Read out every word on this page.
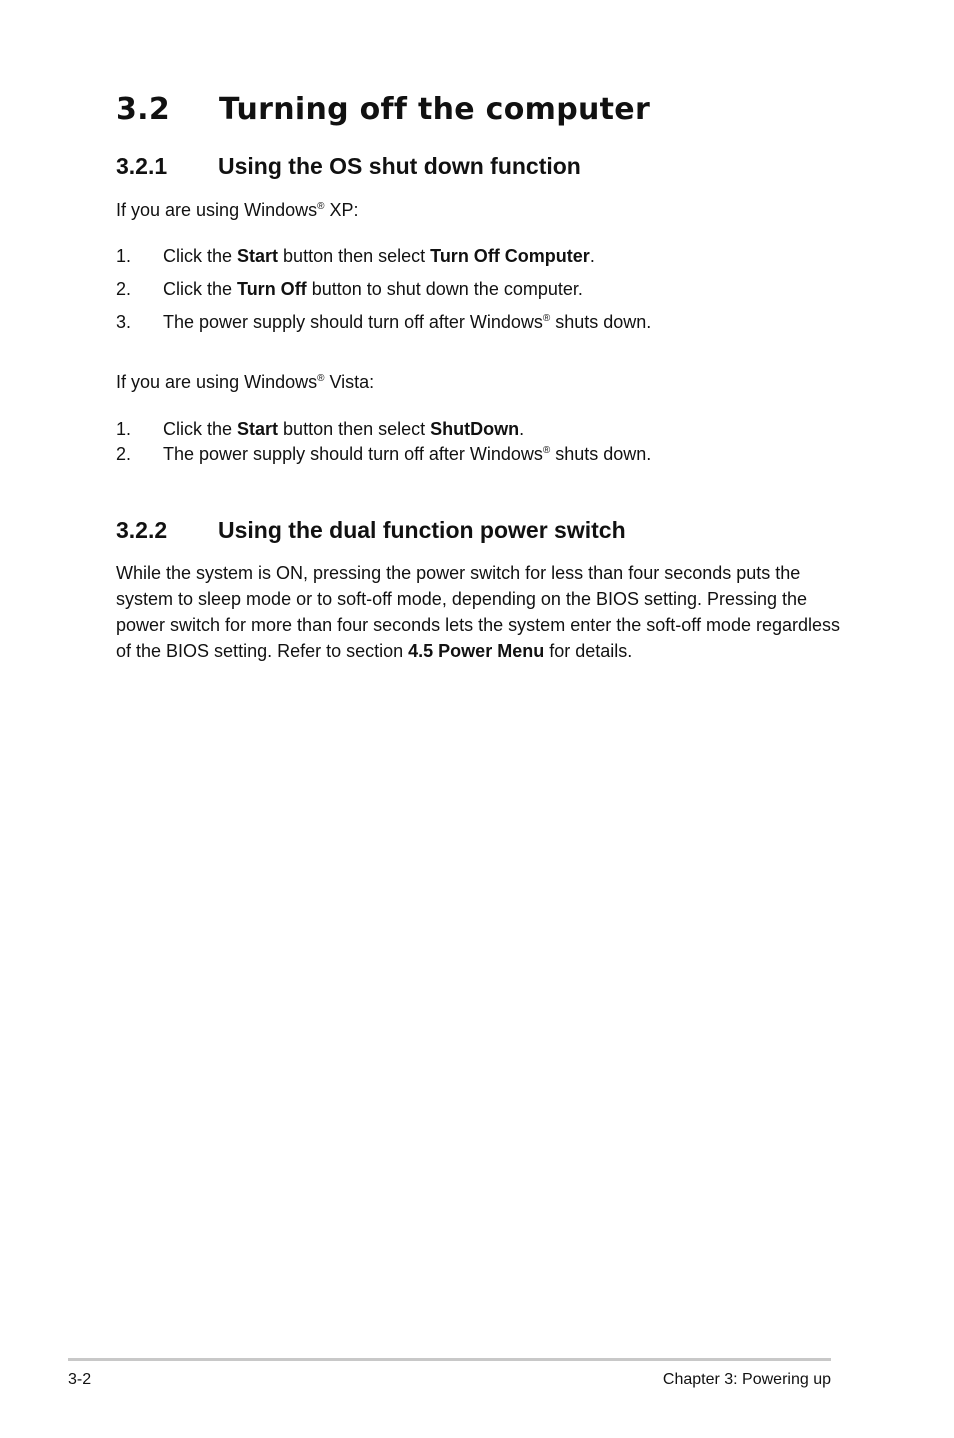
3.2 Turning off the computer
3.2.1 Using the OS shut down function

If you are using Windows® XP:

1. Click the Start button then select Turn Off Computer.
2. Click the Turn Off button to shut down the computer.
3. The power supply should turn off after Windows® shuts down.

If you are using Windows® Vista:

1. Click the Start button then select ShutDown.
2. The power supply should turn off after Windows® shuts down.
3.2.2 Using the dual function power switch

While the system is ON, pressing the power switch for less than four seconds puts the system to sleep mode or to soft-off mode, depending on the BIOS setting. Pressing the power switch for more than four seconds lets the system enter the soft-off mode regardless of the BIOS setting. Refer to section 4.5 Power Menu for details.

3-2	Chapter 3: Powering up
